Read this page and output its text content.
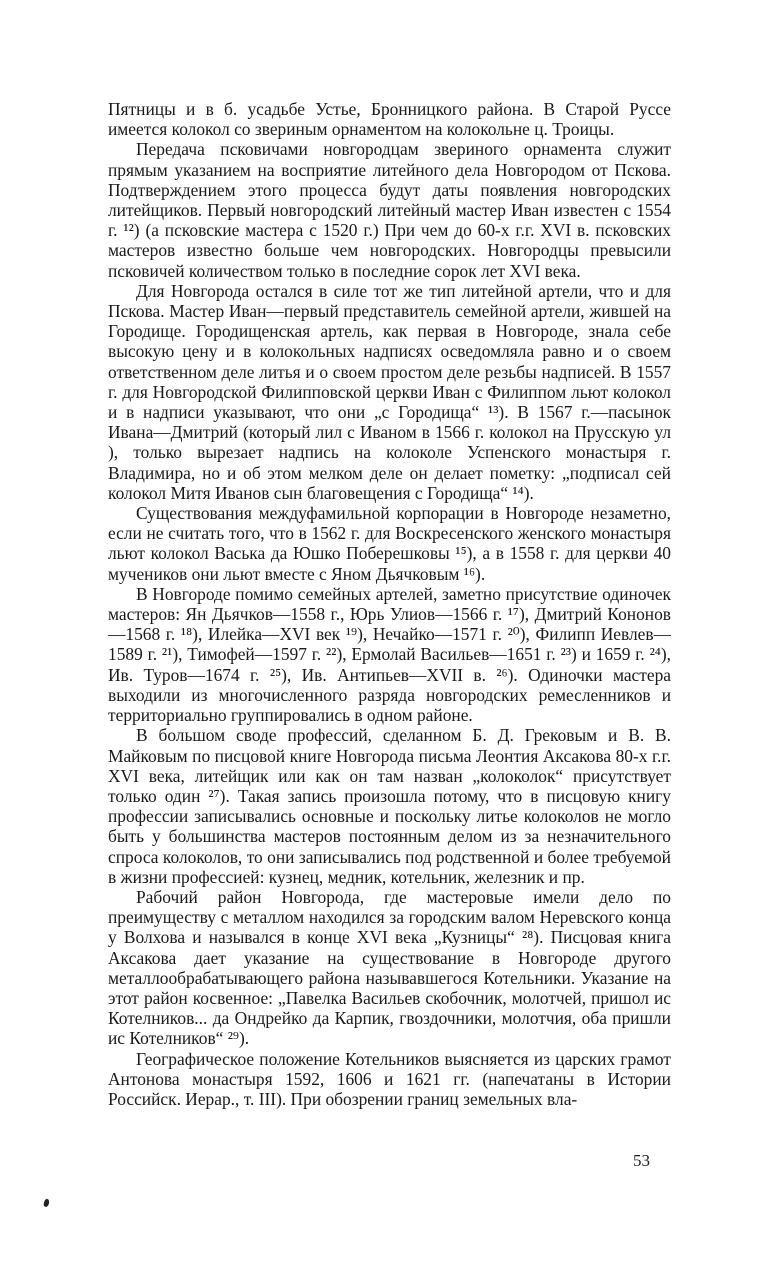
Пятницы и в б. усадьбе Устье, Бронницкого района. В Старой Руссе имеется колокол со звериным орнаментом на колокольне ц. Троицы.

Передача псковичами новгородцам звериного орнамента служит прямым указанием на восприятие литейного дела Новгородом от Пскова. Подтверждением этого процесса будут даты появления новгородских литейщиков. Первый новгородский литейный мастер Иван известен с 1554 г. ¹²) (а псковские мастера с 1520 г.) При чем до 60-х г.г. XVI в. псковских мастеров известно больше чем новгородских. Новгородцы превысили псковичей количеством только в последние сорок лет XVI века.

Для Новгорода остался в силе тот же тип литейной артели, что и для Пскова. Мастер Иван—первый представитель семейной артели, жившей на Городище. Городищенская артель, как первая в Новгороде, знала себе высокую цену и в колокольных надписях осведомляла равно и о своем ответственном деле литья и о своем простом деле резьбы надписей. В 1557 г. для Новгородской Филипповской церкви Иван с Филиппом льют колокол и в надписи указывают, что они „с Городища“ ¹³). В 1567 г.—пасынок Ивана—Дмитрий (который лил с Иваном в 1566 г. колокол на Прусскую ул ), только вырезает надпись на колоколе Успенского монастыря г. Владимира, но и об этом мелком деле он делает пометку: „подписал сей колокол Митя Иванов сын благовещения с Городища“ ¹⁴).

Существования междуфамильной корпорации в Новгороде незаметно, если не считать того, что в 1562 г. для Воскресенского женского монастыря льют колокол Васька да Юшко Поберешковы ¹⁵), а в 1558 г. для церкви 40 мучеников они льют вместе с Яном Дьячковым ¹⁶).

В Новгороде помимо семейных артелей, заметно присутствие одиночек мастеров: Ян Дьячков—1558 г., Юрь Улиов—1566 г. ¹⁷), Дмитрий Кононов—1568 г. ¹⁸), Илейка—XVI век ¹⁹), Нечайко—1571 г. ²⁰), Филипп Иевлев—1589 г. ²¹), Тимофей—1597 г. ²²), Ермолай Васильев—1651 г. ²³) и 1659 г. ²⁴), Ив. Туров—1674 г. ²⁵), Ив. Антипьев—XVII в. ²⁶). Одиночки мастера выходили из многочисленного разряда новгородских ремесленников и территориально группировались в одном районе.

В большом своде профессий, сделанном Б. Д. Грековым и В. В. Майковым по писцовой книге Новгорода письма Леонтия Аксакова 80-х г.г. XVI века, литейщик или как он там назван „колоколок“ присутствует только один ²⁷). Такая запись произошла потому, что в писцовую книгу профессии записывались основные и поскольку литье колоколов не могло быть у большинства мастеров постоянным делом из за незначительного спроса колоколов, то они записывались под родственной и более требуемой в жизни профессией: кузнец, медник, котельник, железник и пр.

Рабочий район Новгорода, где мастеровые имели дело по преимуществу с металлом находился за городским валом Неревского конца у Волхова и назывался в конце XVI века „Кузницы“ ²⁸). Писцовая книга Аксакова дает указание на существование в Новгороде другого металлообрабатывающего района называвшегося Котельники. Указание на этот район косвенное: „Павелка Васильев скобочник, молотчей, пришол ис Котелников... да Ондрейко да Карпик, гвоздочники, молотчия, оба пришли ис Котелников“ ²⁹).

Географическое положение Котельников выясняется из царских грамот Антонова монастыря 1592, 1606 и 1621 гг. (напечатаны в Истории Российск. Иерар., т. III). При обозрении границ земельных вла-

53
